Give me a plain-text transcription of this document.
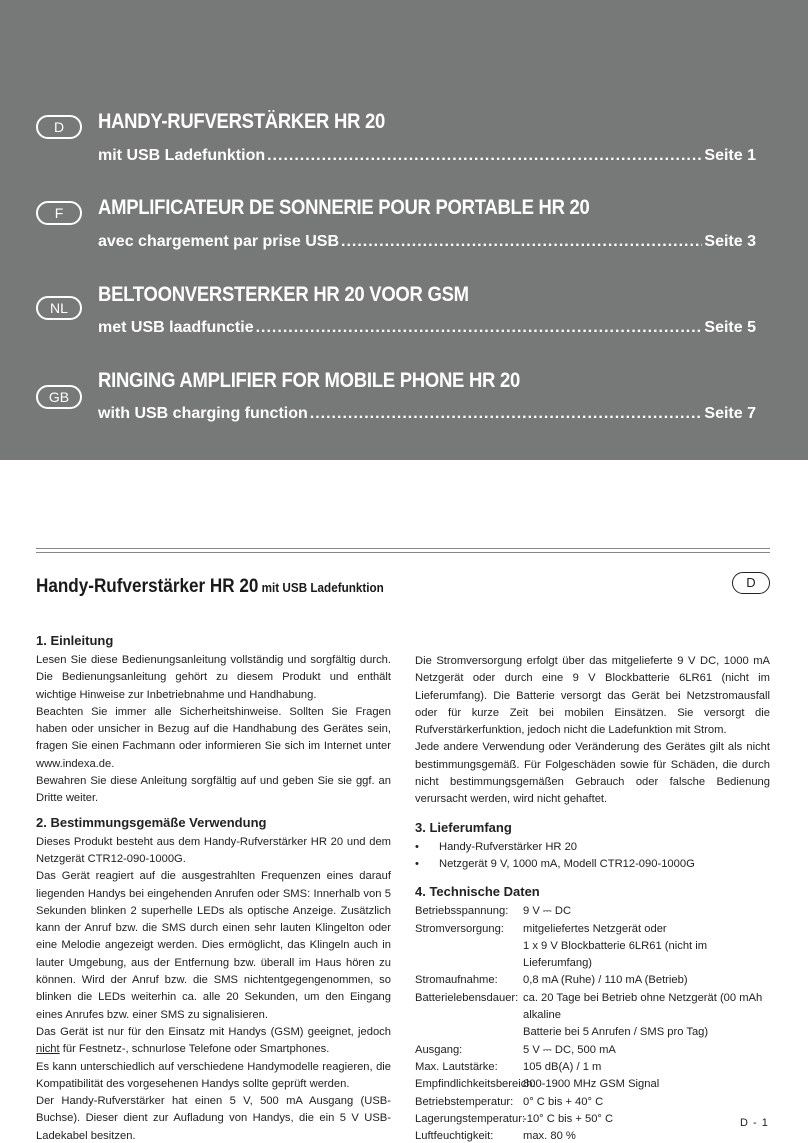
D	HANDY-RUFVERSTÄRKER HR 20
mit USB Ladefunktion .....	Seite 1
F	AMPLIFICATEUR DE SONNERIE POUR PORTABLE HR 20
avec chargement par prise USB .....	Seite 3
NL
BELTOONVERSTERKER HR 20 VOOR GSM
met USB laadfunctie .....	Seite 5
GB
RINGING AMPLIFIER FOR MOBILE PHONE HR 20
with USB charging function .....	Seite 7
Handy-Rufverstärker HR 20 mit USB Ladefunktion	D
1. Einleitung

Lesen Sie diese Bedienungsanleitung vollständig und sorgfältig durch. Die Bedienungsanleitung gehört zu diesem Produkt und enthält wichtige Hinweise zur Inbetriebnahme und Handhabung.

Beachten Sie immer alle Sicherheitshinweise. Sollten Sie Fragen haben oder unsicher in Bezug auf die Handhabung des Gerätes sein, fragen Sie einen Fachmann oder informieren Sie sich im Internet unter www.indexa.de.

Bewahren Sie diese Anleitung sorgfältig auf und geben Sie sie ggf. an Dritte weiter.

2. Bestimmungsgemäße Verwendung

Dieses Produkt besteht aus dem Handy-Rufverstärker HR 20 und dem Netzgerät CTR12-090-1000G.

Das Gerät reagiert auf die ausgestrahlten Frequenzen eines darauf liegenden Handys bei eingehenden Anrufen oder SMS: Innerhalb von 5 Sekunden blinken 2 superhelle LEDs als optische Anzeige. Zusätzlich kann der Anruf bzw. die SMS durch einen sehr lauten Klingelton oder eine Melodie angezeigt werden. Dies ermöglicht, das Klingeln auch in lauter Umgebung, aus der Entfernung bzw. überall im Haus hören zu können. Wird der Anruf bzw. die SMS nichtentgegengenommen, so blinken die LEDs weiterhin ca. alle 20 Sekunden, um den Eingang eines Anrufes bzw. einer SMS zu signalisieren.

Das Gerät ist nur für den Einsatz mit Handys (GSM) geeignet, jedoch nicht für Festnetz-, schnurlose Telefone oder Smartphones.

Es kann unterschiedlich auf verschiedene Handymodelle reagieren, die Kompatibilität des vorgesehenen Handys sollte geprüft werden.

Der Handy-Rufverstärker hat einen 5 V, 500 mA Ausgang (USB-Buchse). Dieser dient zur Aufladung von Handys, die ein 5 V USB-Ladekabel besitzen.

Die Stromversorgung erfolgt über das mitgelieferte 9 V DC, 1000 mA Netzgerät oder durch eine 9 V Blockbatterie 6LR61 (nicht im Lieferumfang). Die Batterie versorgt das Gerät bei Netzstromausfall oder für kurze Zeit bei mobilen Einsätzen. Sie versorgt die Rufverstärkerfunktion, jedoch nicht die Ladefunktion mit Strom.

Jede andere Verwendung oder Veränderung des Gerätes gilt als nicht bestimmungsgemäß. Für Folgeschäden sowie für Schäden, die durch nicht bestimmungsgemäßen Gebrauch oder falsche Bedienung verursacht werden, wird nicht gehaftet.

3. Lieferumfang
• Handy-Rufverstärker HR 20
• Netzgerät 9 V, 1000 mA, Modell CTR12-090-1000G
4. Technische Daten
Betriebsspannung:	9 V ⎓ DC
Stromversorgung:	mitgeliefertes Netzgerät oder
1 x 9 V Blockbatterie 6LR61 (nicht im Lieferumfang)
Stromaufnahme:	0,8 mA (Ruhe) / 110 mA (Betrieb)
Batterielebensdauer: ca. 20 Tage bei Betrieb ohne Netzgerät (00 mAh alkaline
Batterie bei 5 Anrufen / SMS pro Tag)
Ausgang:	5 V ⎓ DC, 500 mA
Max. Lautstärke:	105 dB(A) / 1 m
Empfindlichkeitsbereich:
800-1900 MHz GSM Signal
Betriebstemperatur: 0° C bis + 40° C
Lagerungstemperatur:
-10° C bis + 50° C
Luftfeuchtigkeit:	max. 80 %
D - 1
